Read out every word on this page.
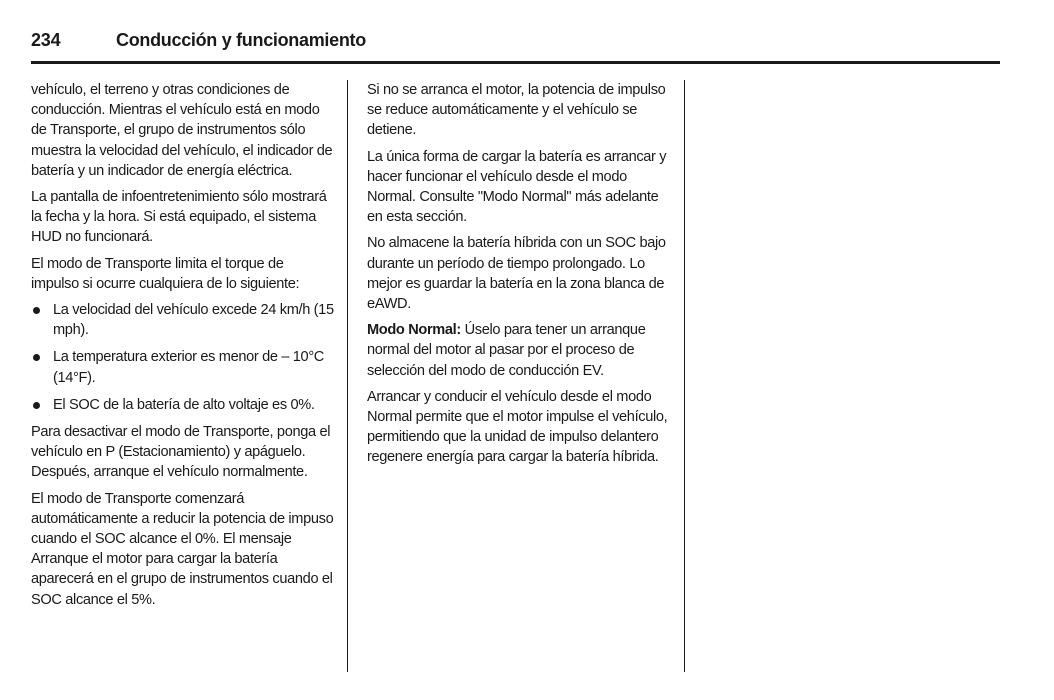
234	Conducción y funcionamiento

vehículo, el terreno y otras condiciones de conducción. Mientras el vehículo está en modo de Transporte, el grupo de instrumentos sólo muestra la velocidad del vehículo, el indicador de batería y un indicador de energía eléctrica.

La pantalla de infoentretenimiento sólo mostrará la fecha y la hora. Si está equipado, el sistema HUD no funcionará.

El modo de Transporte limita el torque de impulso si ocurre cualquiera de lo siguiente:

La velocidad del vehículo excede 24 km/h (15 mph).
La temperatura exterior es menor de – 10°C (14°F).
El SOC de la batería de alto voltaje es 0%.

Para desactivar el modo de Transporte, ponga el vehículo en P (Estacionamiento) y apáguelo. Después, arranque el vehículo normalmente.

El modo de Transporte comenzará automáticamente a reducir la potencia de impuso cuando el SOC alcance el 0%. El mensaje Arranque el motor para cargar la batería aparecerá en el grupo de instrumentos cuando el SOC alcance el 5%.

Si no se arranca el motor, la potencia de impulso se reduce automáticamente y el vehículo se detiene.

La única forma de cargar la batería es arrancar y hacer funcionar el vehículo desde el modo Normal. Consulte "Modo Normal" más adelante en esta sección.

No almacene la batería híbrida con un SOC bajo durante un período de tiempo prolongado. Lo mejor es guardar la batería en la zona blanca de eAWD.

Modo Normal: Úselo para tener un arranque normal del motor al pasar por el proceso de selección del modo de conducción EV.

Arrancar y conducir el vehículo desde el modo Normal permite que el motor impulse el vehículo, permitiendo que la unidad de impulso delantero regenere energía para cargar la batería híbrida.
